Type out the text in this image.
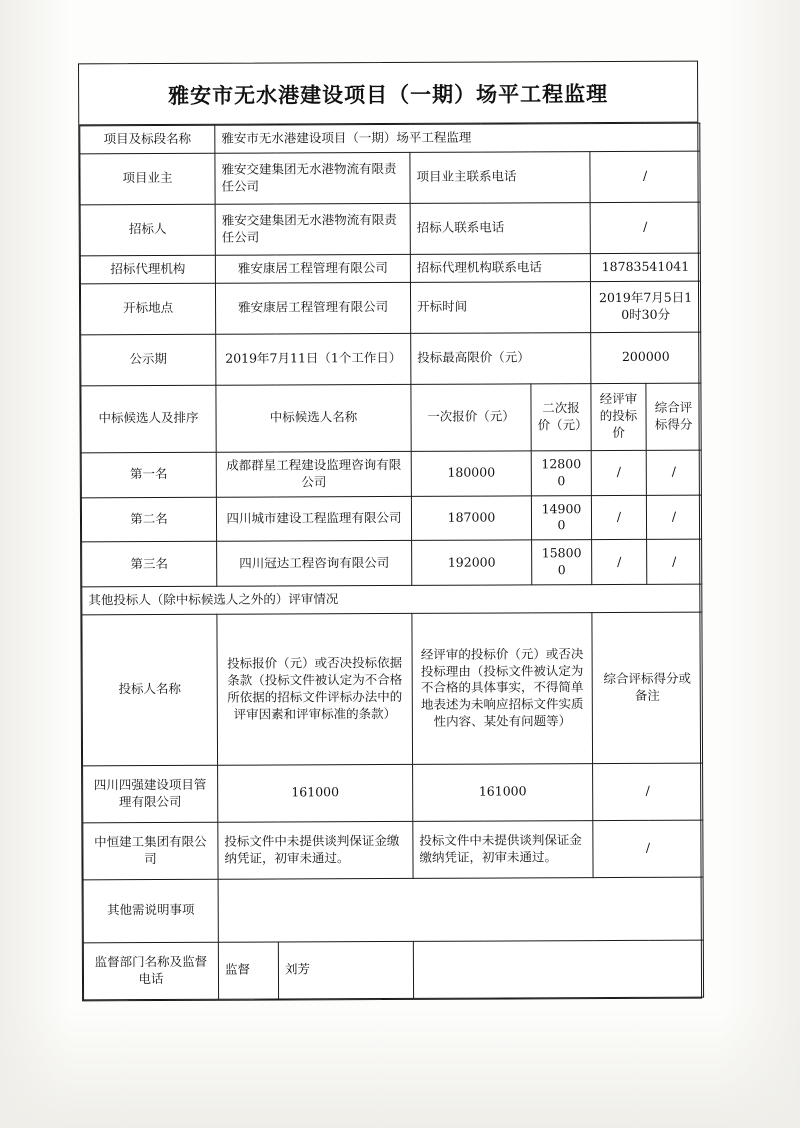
雅安市无水港建设项目（一期）场平工程监理
项目及标段名称	雅安市无水港建设项目（一期）场平工程监理					
项目业主	雅安交建集团无水港物流有限责任公司		项目业主联系电话		/	
招标人	雅安交建集团无水港物流有限责任公司		招标人联系电话		/	
招标代理机构	雅安康居工程管理有限公司		招标代理机构联系电话		18783541041	
开标地点	雅安康居工程管理有限公司		开标时间		2019年7月5日10时30分	
公示期	2019年7月11日（1个工作日）		投标最高限价（元）		200000	
中标候选人及排序	中标候选人名称		一次报价（元）	二次报价（元）	经评审的投标价	综合评标得分
第一名	成都群星工程建设监理咨询有限公司		180000	128000	/	/
第二名	四川城市建设工程监理有限公司		187000	149000	/	/
第三名	四川冠达工程咨询有限公司		192000	158000	/	/
其他投标人（除中标候选人之外的）评审情况						
投标人名称	投标报价（元）或否决投标依据条款（投标文件被认定为不合格所依据的招标文件评标办法中的评审因素和评审标准的条款）		经评审的投标价（元）或否决投标理由（投标文件被认定为不合格的具体事实，不得简单地表述为未响应招标文件实质性内容、某处有问题等）		综合评标得分或备注	
四川四强建设项目管理有限公司	161000		161000		/	
中恒建工集团有限公司	投标文件中未提供谈判保证金缴纳凭证，初审未通过。		投标文件中未提供谈判保证金缴纳凭证，初审未通过。		/	
其他需说明事项						
监督部门名称及监督电话	监督	刘芳				
